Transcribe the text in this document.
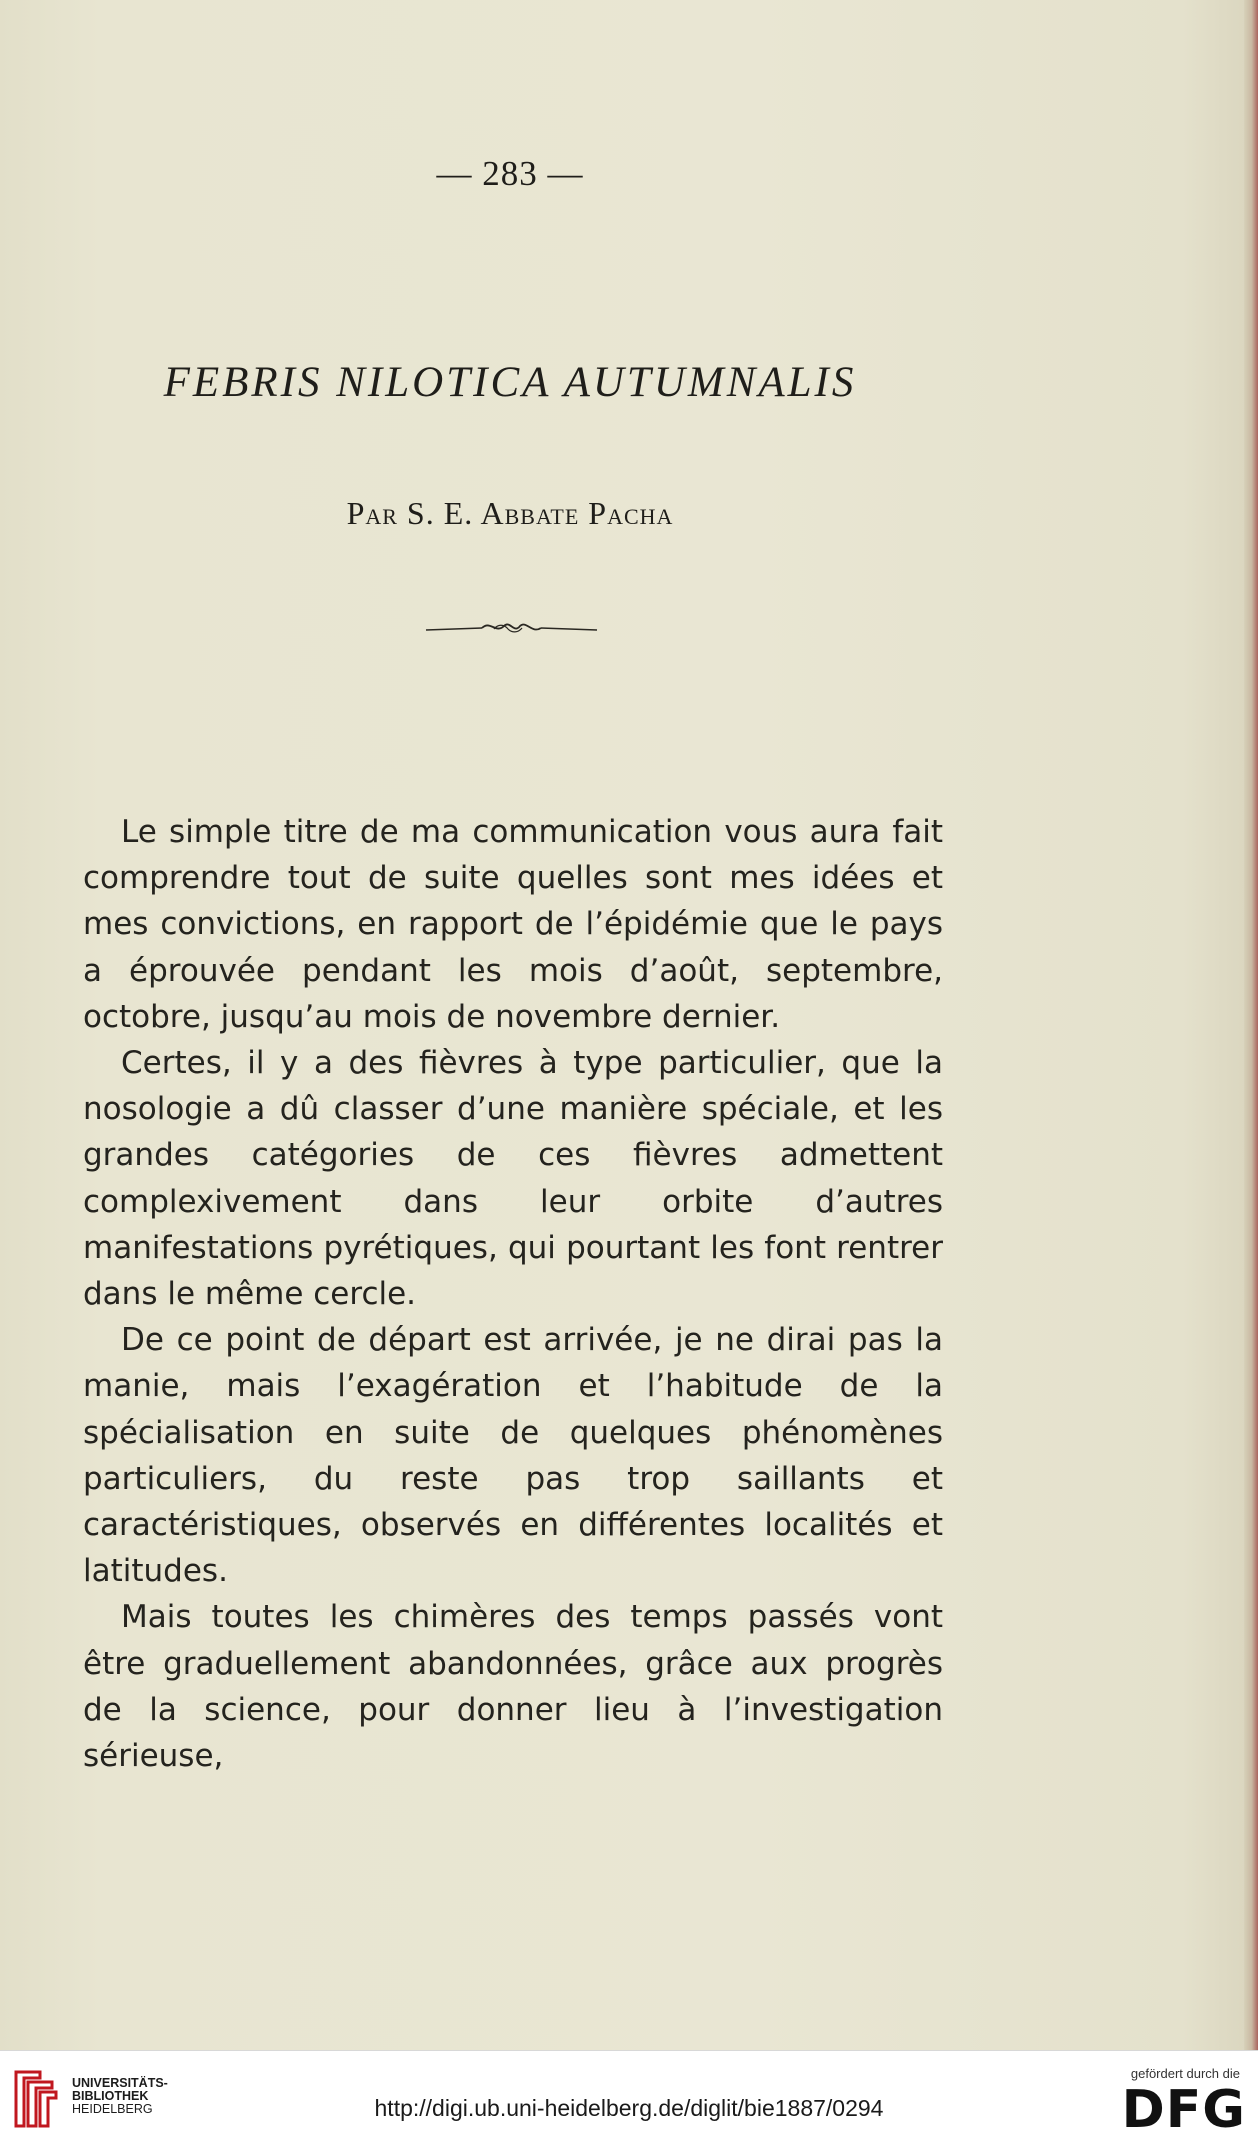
— 283 —
FEBRIS NILOTICA AUTUMNALIS
Par S. E. Abbate Pacha

Le simple titre de ma communication vous aura fait comprendre tout de suite quelles sont mes idées et mes convictions, en rapport de l’épidémie que le pays a éprouvée pendant les mois d’août, septembre, octobre, jusqu’au mois de novembre dernier.

Certes, il y a des fièvres à type particulier, que la nosologie a dû classer d’une manière spéciale, et les grandes catégories de ces fièvres admettent complexivement dans leur orbite d’autres manifestations pyrétiques, qui pourtant les font rentrer dans le même cercle.

De ce point de départ est arrivée, je ne dirai pas la manie, mais l’exagération et l’habitude de la spécialisation en suite de quelques phénomènes particuliers, du reste pas trop saillants et caractéristiques, observés en différentes localités et latitudes.

Mais toutes les chimères des temps passés vont être graduellement abandonnées, grâce aux progrès de la science, pour donner lieu à l’investigation sérieuse,

UNIVERSITÄTS-
BIBLIOTHEK
HEIDELBERG	http://digi.ub.uni-heidelberg.de/diglit/bie1887/0294
gefördert durch die
DFG
